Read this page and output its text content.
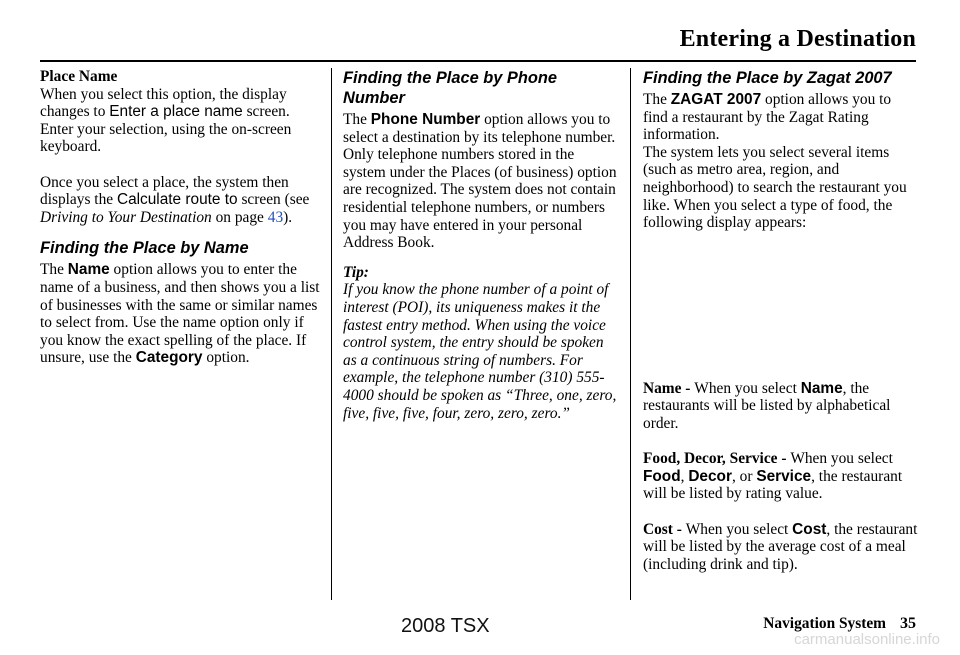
Entering a Destination

Place Name

When you select this option, the display changes to Enter a place name screen. Enter your selection, using the on-screen keyboard.

Once you select a place, the system then displays the Calculate route to screen (see Driving to Your Destination on page 43).

Finding the Place by Name

The Name option allows you to enter the name of a business, and then shows you a list of businesses with the same or similar names to select from. Use the name option only if you know the exact spelling of the place. If unsure, use the Category option.

Finding the Place by Phone Number

The Phone Number option allows you to select a destination by its telephone number. Only telephone numbers stored in the system under the Places (of business) option are recognized. The system does not contain residential telephone numbers, or numbers you may have entered in your personal Address Book.

Tip:

If you know the phone number of a point of interest (POI), its uniqueness makes it the fastest entry method. When using the voice control system, the entry should be spoken as a continuous string of numbers. For example, the telephone number (310) 555-4000 should be spoken as “Three, one, zero, five, five, five, four, zero, zero, zero.”

Finding the Place by Zagat 2007

The ZAGAT 2007 option allows you to find a restaurant by the Zagat Rating information.

The system lets you select several items (such as metro area, region, and neighborhood) to search the restaurant you like. When you select a type of food, the following display appears:

Name - When you select Name, the restaurants will be listed by alphabetical order.

Food, Decor, Service - When you select Food, Decor, or Service, the restaurant will be listed by rating value.

Cost - When you select Cost, the restaurant will be listed by the average cost of a meal (including drink and tip).

2008 TSX	Navigation System 35
carmanualsonline.info
